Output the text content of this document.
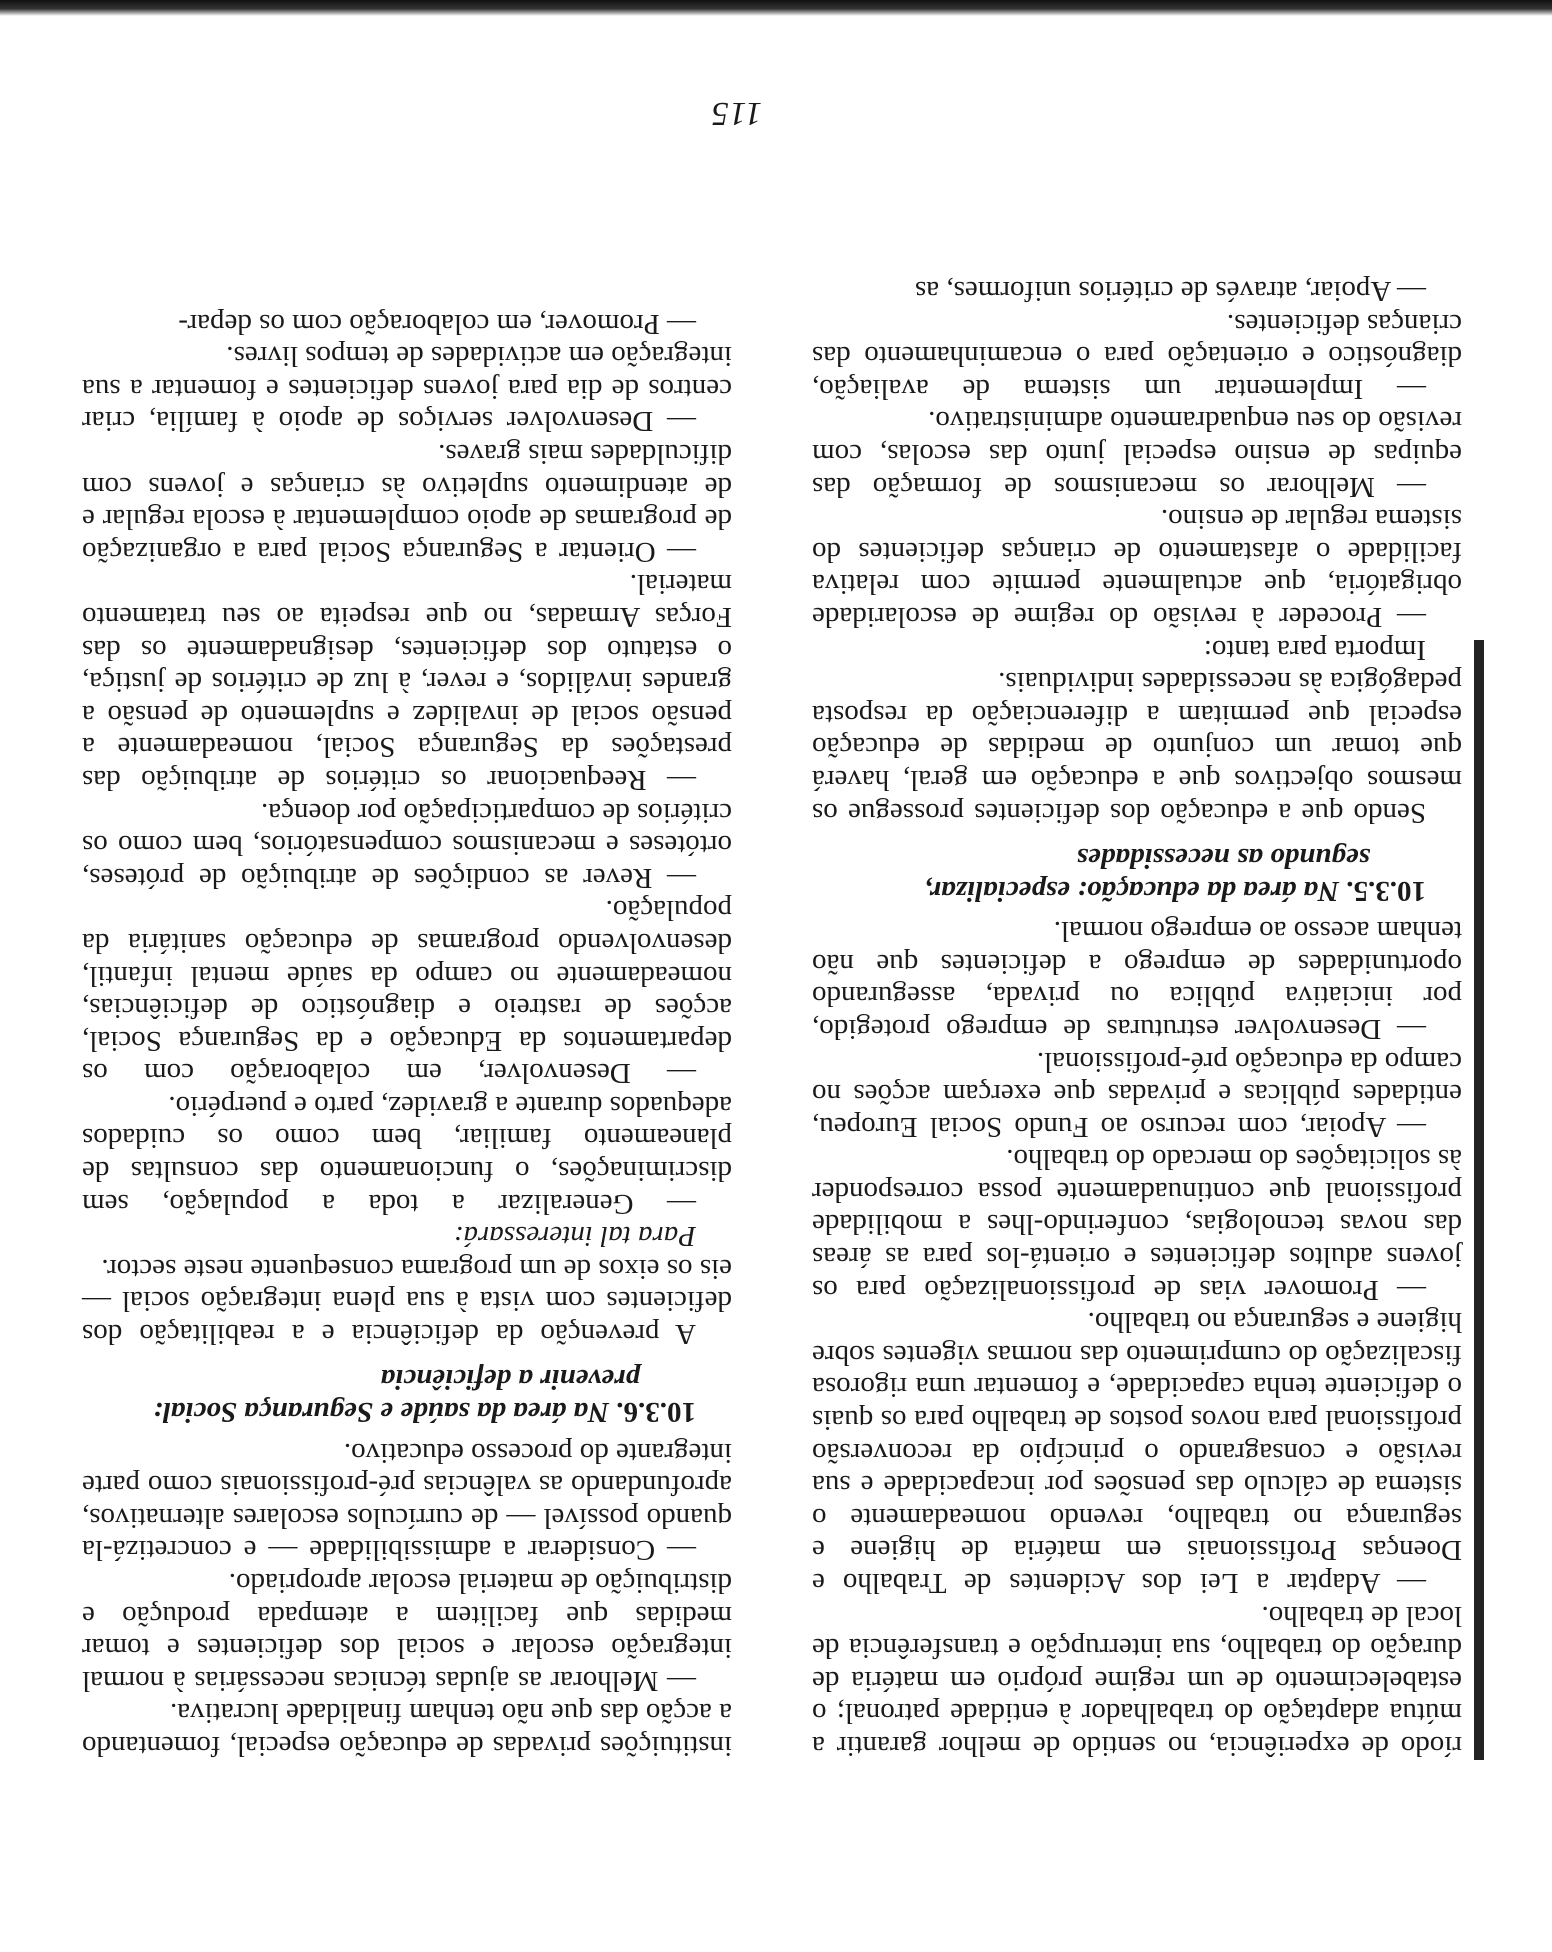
115

ríodo de experiência, no sentido de melhor garantir a mútua adaptação do trabalhador à entidade patronal; o estabelecimento de um regime próprio em matéria de duração do trabalho, sua interrupção e transferência de local de trabalho.

— Adaptar a Lei dos Acidentes de Trabalho e Doenças Profissionais em matéria de higiene e segurança no trabalho, revendo nomeadamente o sistema de cálculo das pensões por incapacidade e sua revisão e consagrando o princípio da reconversão profissional para novos postos de trabalho para os quais o deficiente tenha capacidade, e fomentar uma rigorosa fiscalização do cumprimento das normas vigentes sobre higiene e segurança no trabalho.

— Promover vias de profissionalização para os jovens adultos deficientes e orientá-los para as áreas das novas tecnologias, conferindo-lhes a mobilidade profissional que continuadamente possa corresponder às solicitações do mercado do trabalho.

— Apoiar, com recurso ao Fundo Social Europeu, entidades públicas e privadas que exerçam acções no campo da educação pré-profissional.

— Desenvolver estruturas de emprego protegido, por iniciativa pública ou privada, assegurando oportunidades de emprego a deficientes que não tenham acesso ao emprego normal.

10.3.5. Na área da educação: especializar,
segundo as necessidades

Sendo que a educação dos deficientes prossegue os mesmos objectivos que a educação em geral, haverá que tomar um conjunto de medidas de educação especial que permitam a diferenciação da resposta pedagógica às necessidades individuais.

Importa para tanto:

— Proceder à revisão do regime de escolaridade obrigatória, que actualmente permite com relativa facilidade o afastamento de crianças deficientes do sistema regular de ensino.

— Melhorar os mecanismos de formação das equipas de ensino especial junto das escolas, com revisão do seu enquadramento administrativo.

— Implementar um sistema de avaliação, diagnóstico e orientação para o encaminhamento das crianças deficientes.

— Apoiar, através de critérios uniformes, as

instituições privadas de educação especial, fomentando a acção das que não tenham finalidade lucrativa.

— Melhorar as ajudas técnicas necessárias à normal integração escolar e social dos deficientes e tomar medidas que facilitem a atempada produção e distribuição de material escolar apropriado.

— Considerar a admissibilidade — e concretizá-la quando possível — de currículos escolares alternativos, aprofundando as valências pré-profissionais como parte integrante do processo educativo.

10.3.6. Na área da saúde e Segurança Social:
prevenir a deficiência

A prevenção da deficiência e a reabilitação dos deficientes com vista à sua plena integração social — eis os eixos de um programa consequente neste sector.

Para tal interessará:

— Generalizar a toda a população, sem discriminações, o funcionamento das consultas de planeamento familiar, bem como os cuidados adequados durante a gravidez, parto e puerpério.

— Desenvolver, em colaboração com os departamentos da Educação e da Segurança Social, acções de rastreio e diagnóstico de deficiências, nomeadamente no campo da saúde mental infantil, desenvolvendo programas de educação sanitária da população.

— Rever as condições de atribuição de próteses, ortóteses e mecanismos compensatórios, bem como os critérios de comparticipação por doença.

— Reequacionar os critérios de atribuição das prestações da Segurança Social, nomeadamente a pensão social de invalidez e suplemento de pensão a grandes inválidos, e rever, à luz de critérios de justiça, o estatuto dos deficientes, designadamente os das Forças Armadas, no que respeita ao seu tratamento material.

— Orientar a Segurança Social para a organização de programas de apoio complementar à escola regular e de atendimento supletivo às crianças e jovens com dificuldades mais graves.

— Desenvolver serviços de apoio à família, criar centros de dia para jovens deficientes e fomentar a sua integração em actividades de tempos livres.

— Promover, em colaboração com os depar-
